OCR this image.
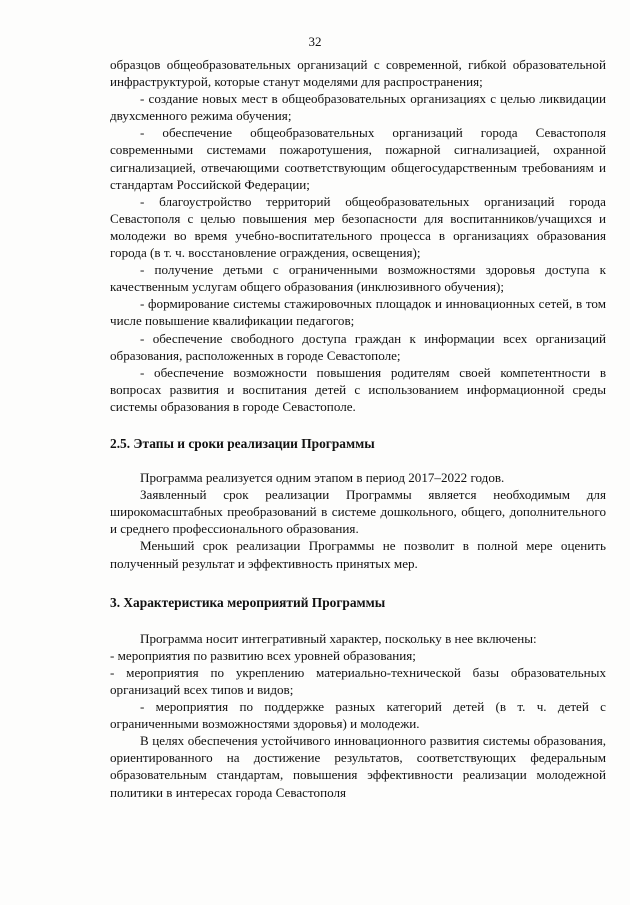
32

образцов общеобразовательных организаций с современной, гибкой образовательной инфраструктурой, которые станут моделями для распространения;

- создание новых мест в общеобразовательных организациях с целью ликвидации двухсменного режима обучения;

- обеспечение общеобразовательных организаций города Севастополя современными системами пожаротушения, пожарной сигнализацией, охранной сигнализацией, отвечающими соответствующим общегосударственным требованиям и стандартам Российской Федерации;

- благоустройство территорий общеобразовательных организаций города Севастополя с целью повышения мер безопасности для воспитанников/учащихся и молодежи во время учебно-воспитательного процесса в организациях образования города (в т. ч. восстановление ограждения, освещения);

- получение детьми с ограниченными возможностями здоровья доступа к качественным услугам общего образования (инклюзивного обучения);

- формирование системы стажировочных площадок и инновационных сетей, в том числе повышение квалификации педагогов;

- обеспечение свободного доступа граждан к информации всех организаций образования, расположенных в городе Севастополе;

- обеспечение возможности повышения родителям своей компетентности в вопросах развития и воспитания детей с использованием информационной среды системы образования в городе Севастополе.

2.5. Этапы и сроки реализации Программы

Программа реализуется одним этапом в период 2017–2022 годов.

Заявленный срок реализации Программы является необходимым для широкомасштабных преобразований в системе дошкольного, общего, дополнительного и среднего профессионального образования.

Меньший срок реализации Программы не позволит в полной мере оценить полученный результат и эффективность принятых мер.

3. Характеристика мероприятий Программы

Программа носит интегративный характер, поскольку в нее включены:

- мероприятия по развитию всех уровней образования;

- мероприятия по укреплению материально-технической базы образовательных организаций всех типов и видов;

- мероприятия по поддержке разных категорий детей (в т. ч. детей с ограниченными возможностями здоровья) и молодежи.

В целях обеспечения устойчивого инновационного развития системы образования, ориентированного на достижение результатов, соответствующих федеральным образовательным стандартам, повышения эффективности реализации молодежной политики в интересах города Севастополя
